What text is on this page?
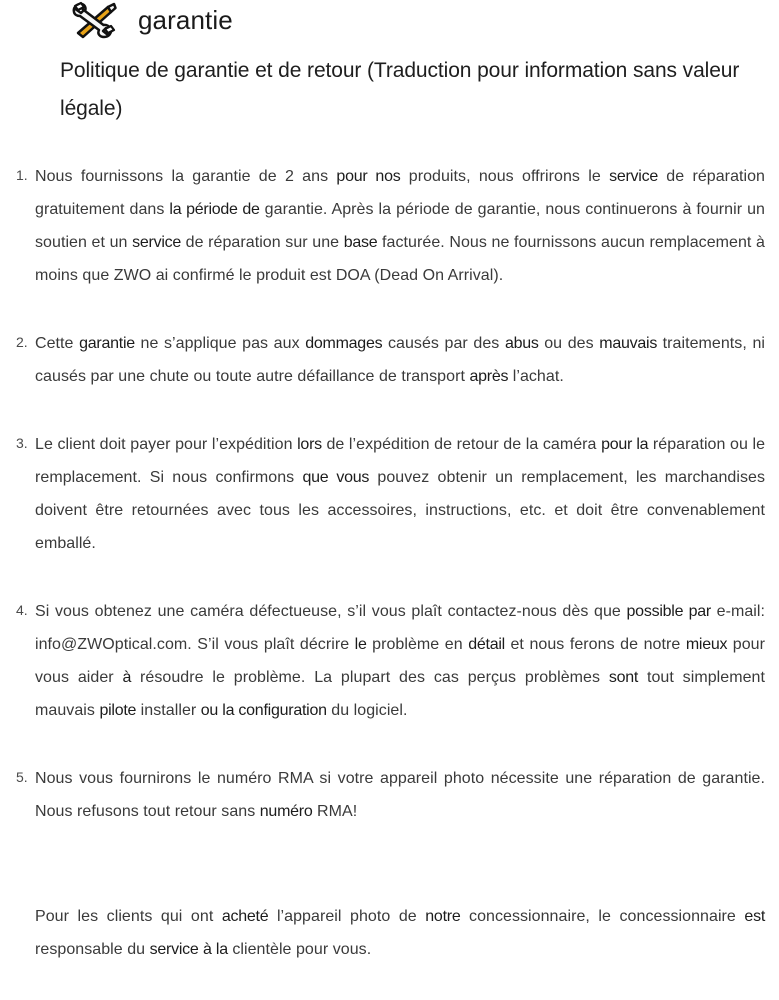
garantie
Politique de garantie et de retour (Traduction pour information sans valeur légale)
1. Nous fournissons la garantie de 2 ans pour nos produits, nous offrirons le service de réparation gratuitement dans la période de garantie. Après la période de garantie, nous continuerons à fournir un soutien et un service de réparation sur une base facturée. Nous ne fournissons aucun remplacement à moins que ZWO ai confirmé le produit est DOA (Dead On Arrival).
2. Cette garantie ne s’applique pas aux dommages causés par des abus ou des mauvais traitements, ni causés par une chute ou toute autre défaillance de transport après l’achat.
3. Le client doit payer pour l’expédition lors de l’expédition de retour de la caméra pour la réparation ou le remplacement. Si nous confirmons que vous pouvez obtenir un remplacement, les marchandises doivent être retournées avec tous les accessoires, instructions, etc. et doit être convenablement emballé.
4. Si vous obtenez une caméra défectueuse, s’il vous plaît contactez-nous dès que possible par e-mail: info@ZWOptical.com. S’il vous plaît décrire le problème en détail et nous ferons de notre mieux pour vous aider à résoudre le problème. La plupart des cas perçus problèmes sont tout simplement mauvais pilote installer ou la configuration du logiciel.
5. Nous vous fournirons le numéro RMA si votre appareil photo nécessite une réparation de garantie. Nous refusons tout retour sans numéro RMA!
Pour les clients qui ont acheté l’appareil photo de notre concessionnaire, le concessionnaire est responsable du service à la clientèle pour vous.
